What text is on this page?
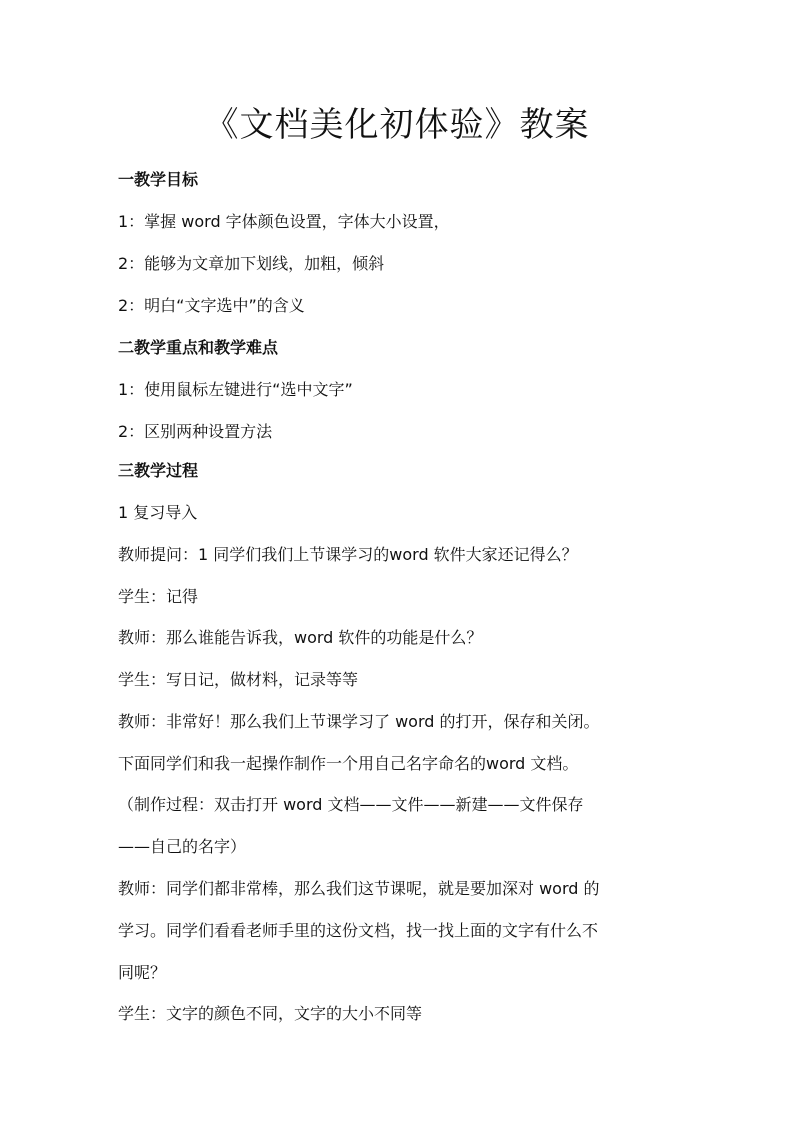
《文档美化初体验》教案

一教学目标

1：掌握 word 字体颜色设置，字体大小设置，

2：能够为文章加下划线，加粗，倾斜

2：明白“文字选中”的含义

二教学重点和教学难点

1：使用鼠标左键进行“选中文字”

2：区别两种设置方法

三教学过程

1 复习导入

教师提问：1 同学们我们上节课学习的word 软件大家还记得么？

学生：记得

教师：那么谁能告诉我，word 软件的功能是什么？

学生：写日记，做材料，记录等等

教师：非常好！那么我们上节课学习了 word 的打开，保存和关闭。

下面同学们和我一起操作制作一个用自己名字命名的word 文档。

（制作过程：双击打开 word 文档——文件——新建——文件保存

——自己的名字）

教师：同学们都非常棒，那么我们这节课呢，就是要加深对 word 的

学习。同学们看看老师手里的这份文档，找一找上面的文字有什么不

同呢？

学生：文字的颜色不同，文字的大小不同等
